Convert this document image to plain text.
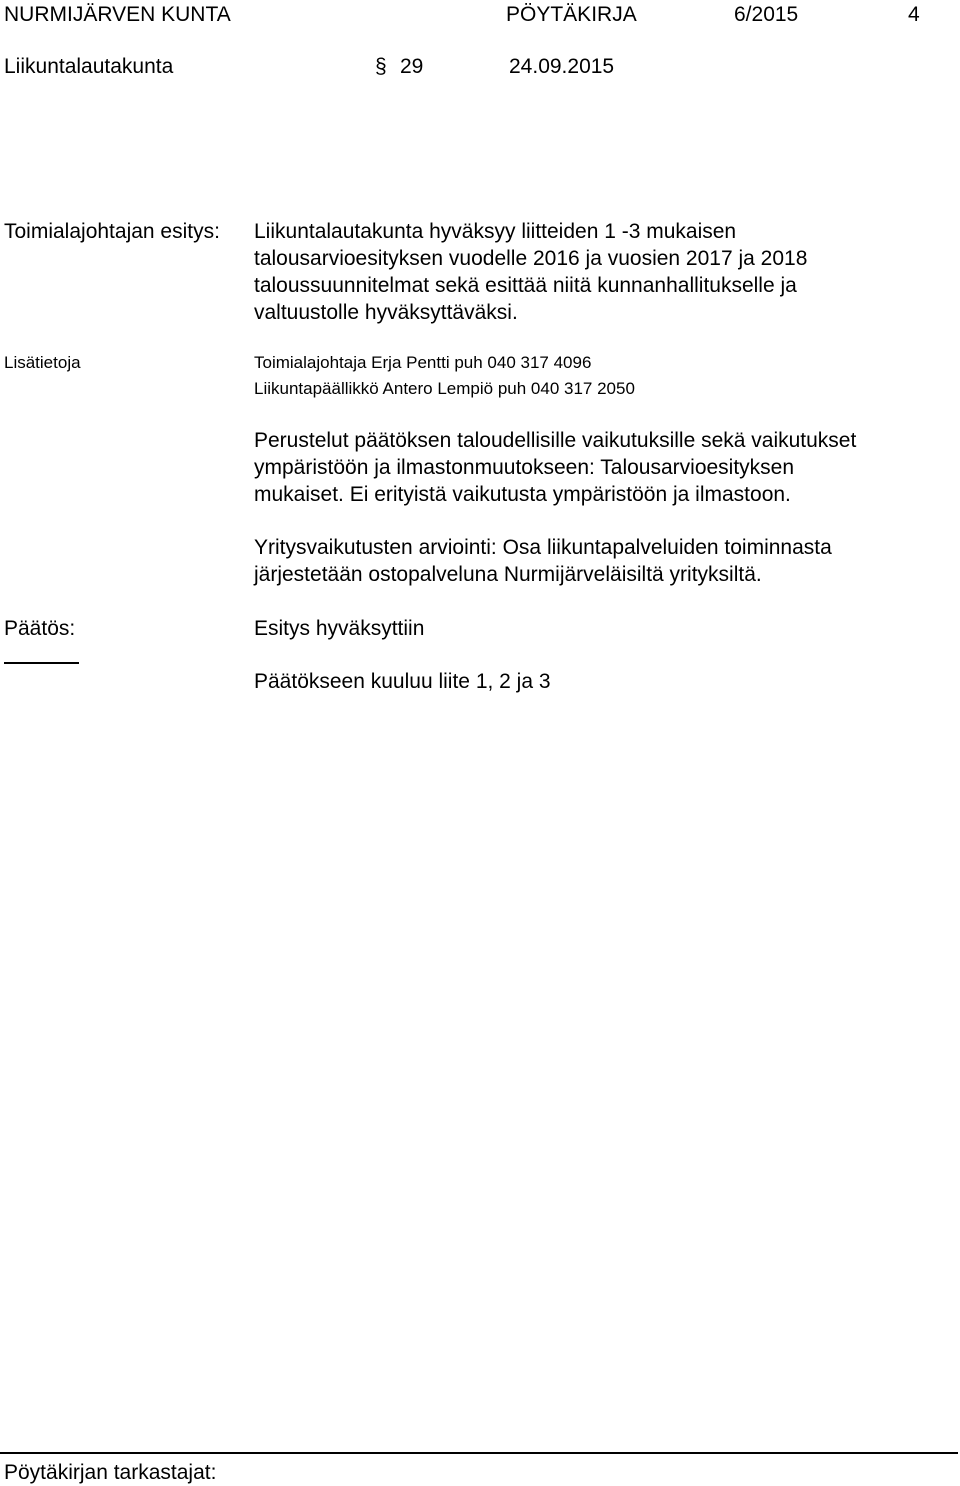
NURMIJÄRVEN KUNTA	PÖYTÄKIRJA	6/2015	4
Liikuntalautakunta	§ 29	24.09.2015
Toimialajohtajan esitys: Liikuntalautakunta hyväksyy liitteiden 1 -3 mukaisen
talousarvioesityksen vuodelle 2016 ja vuosien 2017 ja 2018
taloussuunnitelmat sekä esittää niitä kunnanhallitukselle ja
valtuustolle hyväksyttäväksi.
Lisätietoja	Toimialajohtaja Erja Pentti puh 040 317 4096
Liikuntapäällikkö Antero Lempiö puh 040 317 2050
Perustelut päätöksen taloudellisille vaikutuksille sekä vaikutukset
ympäristöön ja ilmastonmuutokseen: Talousarvioesityksen
mukaiset. Ei erityistä vaikutusta ympäristöön ja ilmastoon.
Yritysvaikutusten arviointi: Osa liikuntapalveluiden toiminnasta
järjestetään ostopalveluna Nurmijärveläisiltä yrityksiltä.
Päätös:	Esitys hyväksyttiin
Päätökseen kuuluu liite 1, 2 ja 3
Pöytäkirjan tarkastajat:
